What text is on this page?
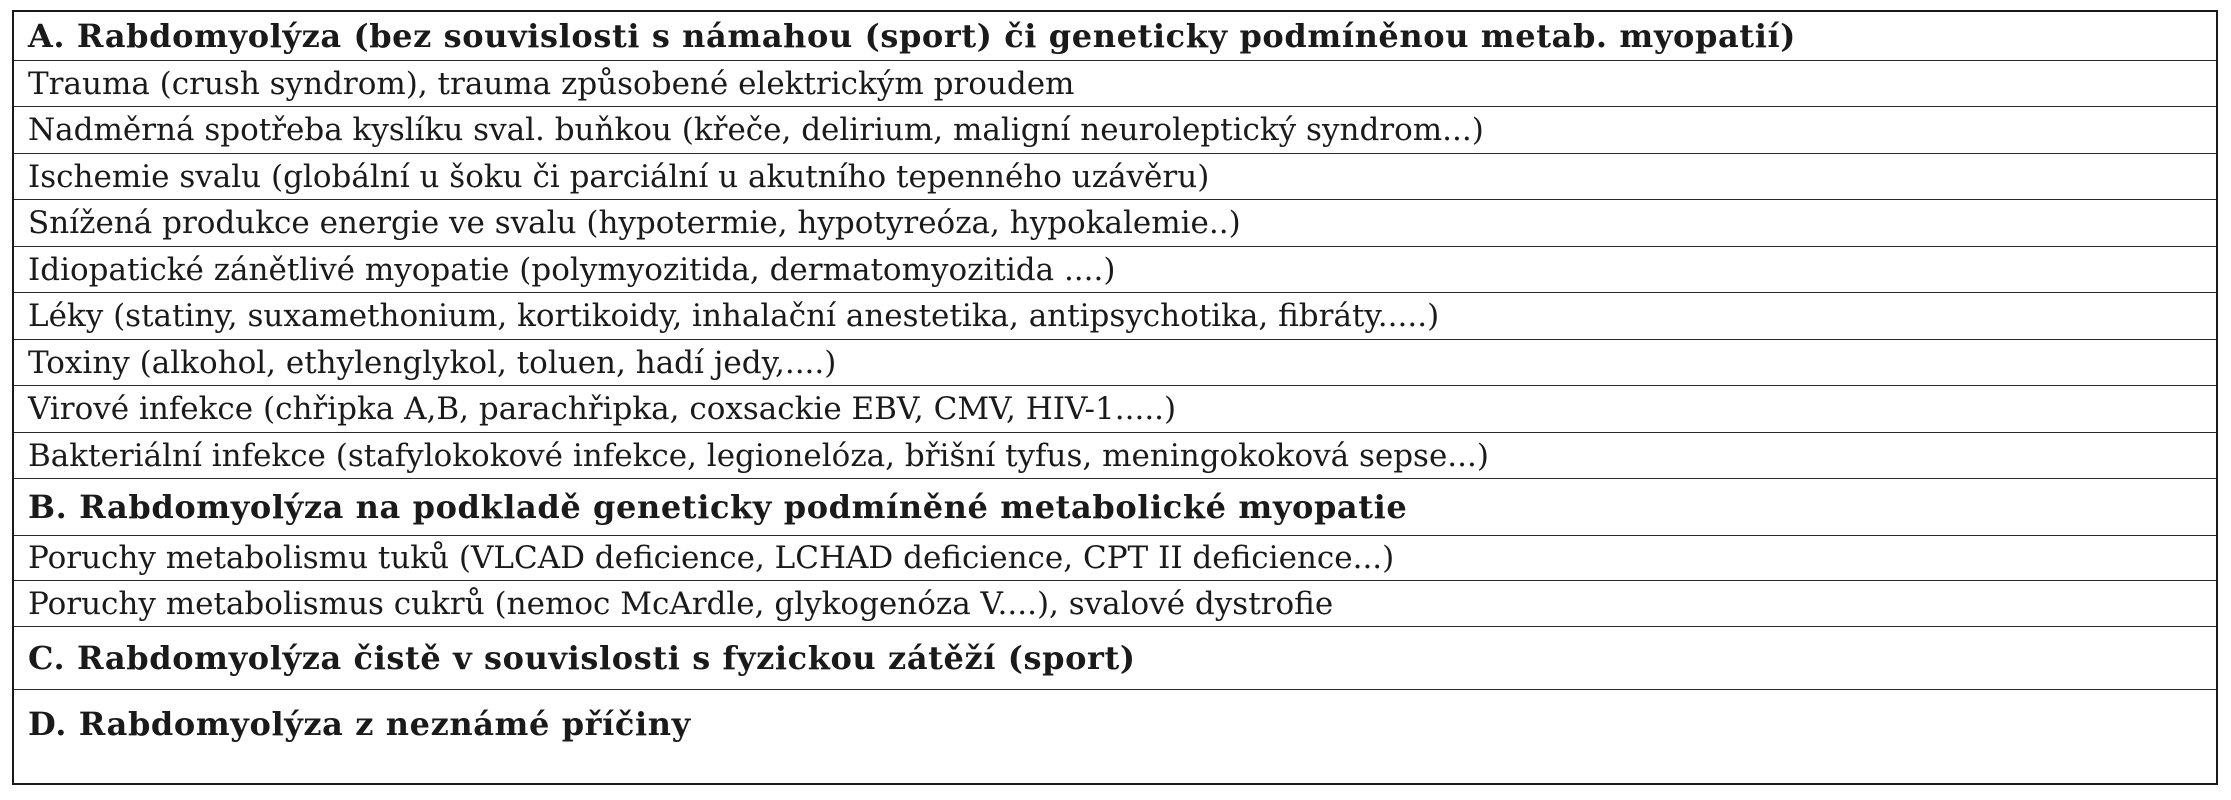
A. Rabdomyolýza (bez souvislosti s námahou (sport) či geneticky podmíněnou metab. myopatií)
Trauma (crush syndrom), trauma způsobené elektrickým proudem
Nadměrná spotřeba kyslíku sval. buňkou (křeče, delirium, maligní neuroleptický syndrom...)
Ischemie svalu (globální u šoku či parciální u akutního tepenného uzávěru)
Snížená produkce energie ve svalu (hypotermie, hypotyreóza, hypokalemie..)
Idiopatické zánětlivé myopatie (polymyozitida, dermatomyozitida ....)
Léky (statiny, suxamethonium, kortikoidy, inhalační anestetika, antipsychotika, fibráty.....)
Toxiny (alkohol, ethylenglykol, toluen, hadí jedy,....)
Virové infekce (chřipka A,B, parachřipka, coxsackie EBV, CMV, HIV-1.....)
Bakteriální infekce (stafylokokové infekce, legionelóza, břišní tyfus, meningokoková sepse...)
B. Rabdomyolýza na podkladě geneticky podmíněné metabolické myopatie
Poruchy metabolismu tuků (VLCAD deficience, LCHAD deficience, CPT II deficience...)
Poruchy metabolismus cukrů (nemoc McArdle, glykogenóza V....), svalové dystrofie
C. Rabdomyolýza čistě v souvislosti s fyzickou zátěží (sport)
D. Rabdomyolýza z neznámé příčiny
